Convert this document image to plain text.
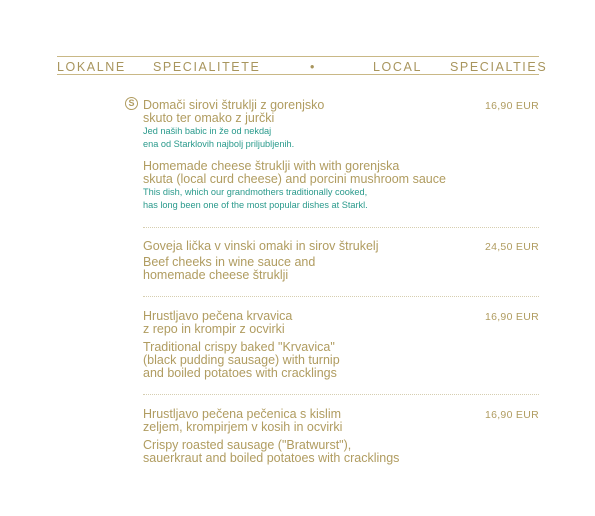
LOKALNE SPECIALITETE	•	LOCAL SPECIALTIES
S Domači sirovi štruklji z gorenjsko

skuto ter omako z jurčki

Jed naših babic in že od nekdaj

ena od Starklovih najbolj priljubljenih.

Homemade cheese štruklji with with gorenjska

skuta (local curd cheese) and porcini mushroom sauce

This dish, which our grandmothers traditionally cooked,

has long been one of the most popular dishes at Starkl.

16,90 EUR

Goveja lička v vinski omaki in sirov štrukelj

Beef cheeks in wine sauce and

homemade cheese štruklji

24,50 EUR

Hrustljavo pečena krvavica

z repo in krompir z ocvirki

Traditional crispy baked "Krvavica"

(black pudding sausage) with turnip

and boiled potatoes with cracklings

16,90 EUR

Hrustljavo pečena pečenica s kislim

zeljem, krompirjem v kosih in ocvirki

Crispy roasted sausage ("Bratwurst"),

sauerkraut and boiled potatoes with cracklings

16,90 EUR
